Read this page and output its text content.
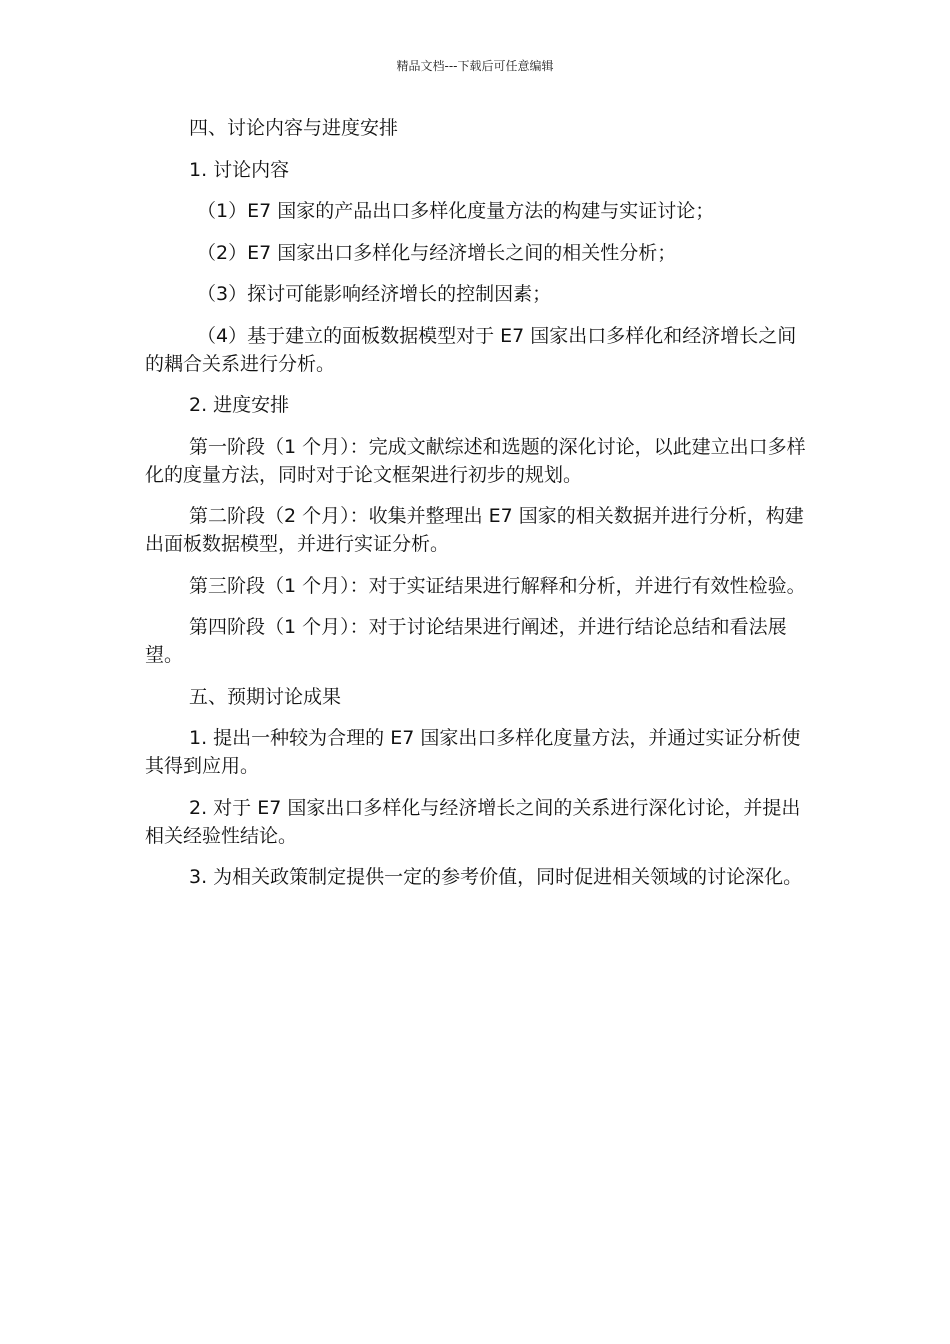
精品文档---下载后可任意编辑

四、讨论内容与进度安排

1. 讨论内容

（1）E7 国家的产品出口多样化度量方法的构建与实证讨论；

（2）E7 国家出口多样化与经济增长之间的相关性分析；

（3）探讨可能影响经济增长的控制因素；

（4）基于建立的面板数据模型对于 E7 国家出口多样化和经济增长之间的耦合关系进行分析。

2. 进度安排

第一阶段（1 个月）：完成文献综述和选题的深化讨论，以此建立出口多样化的度量方法，同时对于论文框架进行初步的规划。

第二阶段（2 个月）：收集并整理出 E7 国家的相关数据并进行分析，构建出面板数据模型，并进行实证分析。

第三阶段（1 个月）：对于实证结果进行解释和分析，并进行有效性检验。

第四阶段（1 个月）：对于讨论结果进行阐述，并进行结论总结和看法展望。

五、预期讨论成果

1. 提出一种较为合理的 E7 国家出口多样化度量方法，并通过实证分析使其得到应用。

2. 对于 E7 国家出口多样化与经济增长之间的关系进行深化讨论，并提出相关经验性结论。

3. 为相关政策制定提供一定的参考价值，同时促进相关领域的讨论深化。
